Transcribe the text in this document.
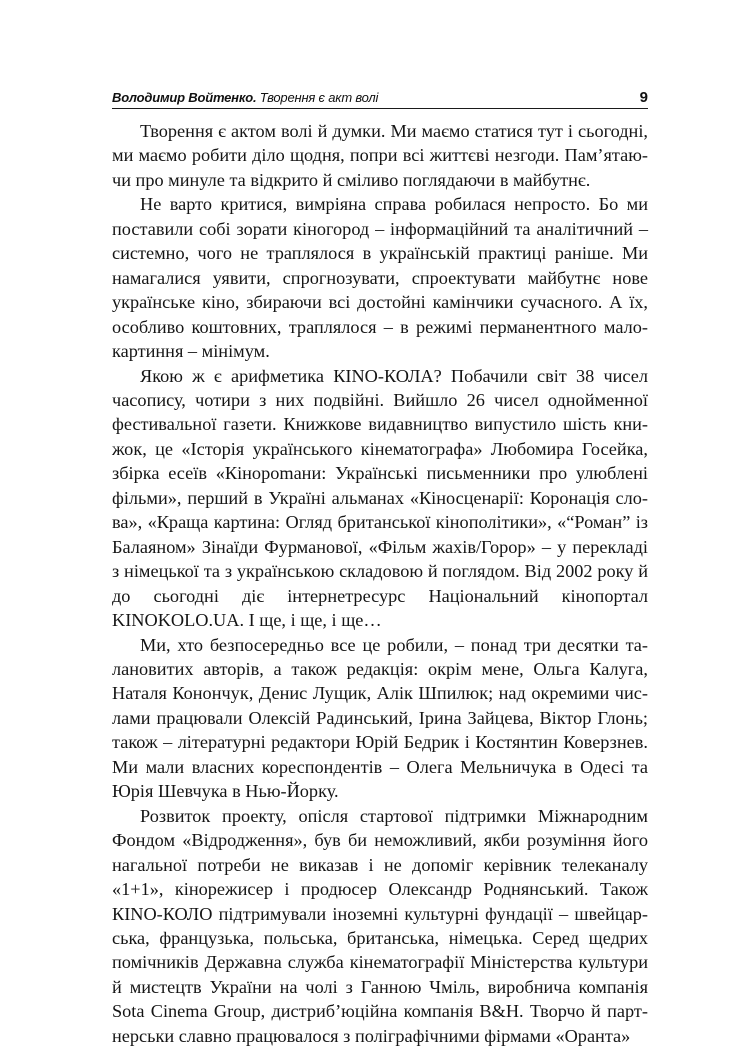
Володимир Войтенко. Творення є акт волі	9

Творення є актом волі й думки. Ми маємо статися тут і сьогодні, ми маємо робити діло щодня, попри всі життєві незгоди. Пам’ятаючи про минуле та відкрито й сміливо поглядаючи в майбутнє.

Не варто критися, вимріяна справа робилася непросто. Бо ми поставили собі зорати кіногород – інформаційний та аналітичний – системно, чого не траплялося в українській практиці раніше. Ми намагалися уявити, спрогнозувати, спроектувати майбутнє нове українське кіно, збираючи всі достойні камінчики сучасного. А їх, особливо коштовних, траплялося – в режимі перманентного малокартиння – мінімум.

Якою ж є арифметика КІNО-КОЛА? Побачили світ 38 чисел часопису, чотири з них подвійні. Вийшло 26 чисел однойменної фестивальної газети. Книжкове видавництво випустило шість книжок, це «Історія українського кінематографа» Любомира Госейка, збірка есеїв «Кінороmани: Українські письменники про улюблені фільми», перший в Україні альманах «Кіносценарії: Коронація слова», «Краща картина: Огляд британської кінополітики», «“Роман” із Балаяном» Зінаїди Фурманової, «Фільм жахів/Горор» – у перекладі з німецької та з українською складовою й поглядом. Від 2002 року й до сьогодні діє інтернетресурс Національний кінопортал KINOKOLO.UA. І ще, і ще, і ще…

Ми, хто безпосередньо все це робили, – понад три десятки талановитих авторів, а також редакція: окрім мене, Ольга Калуга, Наталя Конончук, Денис Лущик, Алік Шпилюк; над окремими числами працювали Олексій Радинський, Ірина Зайцева, Віктор Глонь; також – літературні редактори Юрій Бедрик і Костянтин Коверзнев. Ми мали власних кореспондентів – Олега Мельничука в Одесі та Юрія Шевчука в Нью-Йорку.

Розвиток проекту, опісля стартової підтримки Міжнародним Фондом «Відродження», був би неможливий, якби розуміння його нагальної потреби не виказав і не допоміг керівник телеканалу «1+1», кінорежисер і продюсер Олександр Роднянський. Також КІNО-КОЛО підтримували іноземні культурні фундації – швейцарська, французька, польська, британська, німецька. Серед щедрих помічників Державна служба кінематографії Міністерства культури й мистецтв України на чолі з Ганною Чміль, виробнича компанія Sota Cinema Group, дистриб’юційна компанія B&H. Творчо й партнерськи славно працювалося з поліграфічними фірмами «Оранта»
